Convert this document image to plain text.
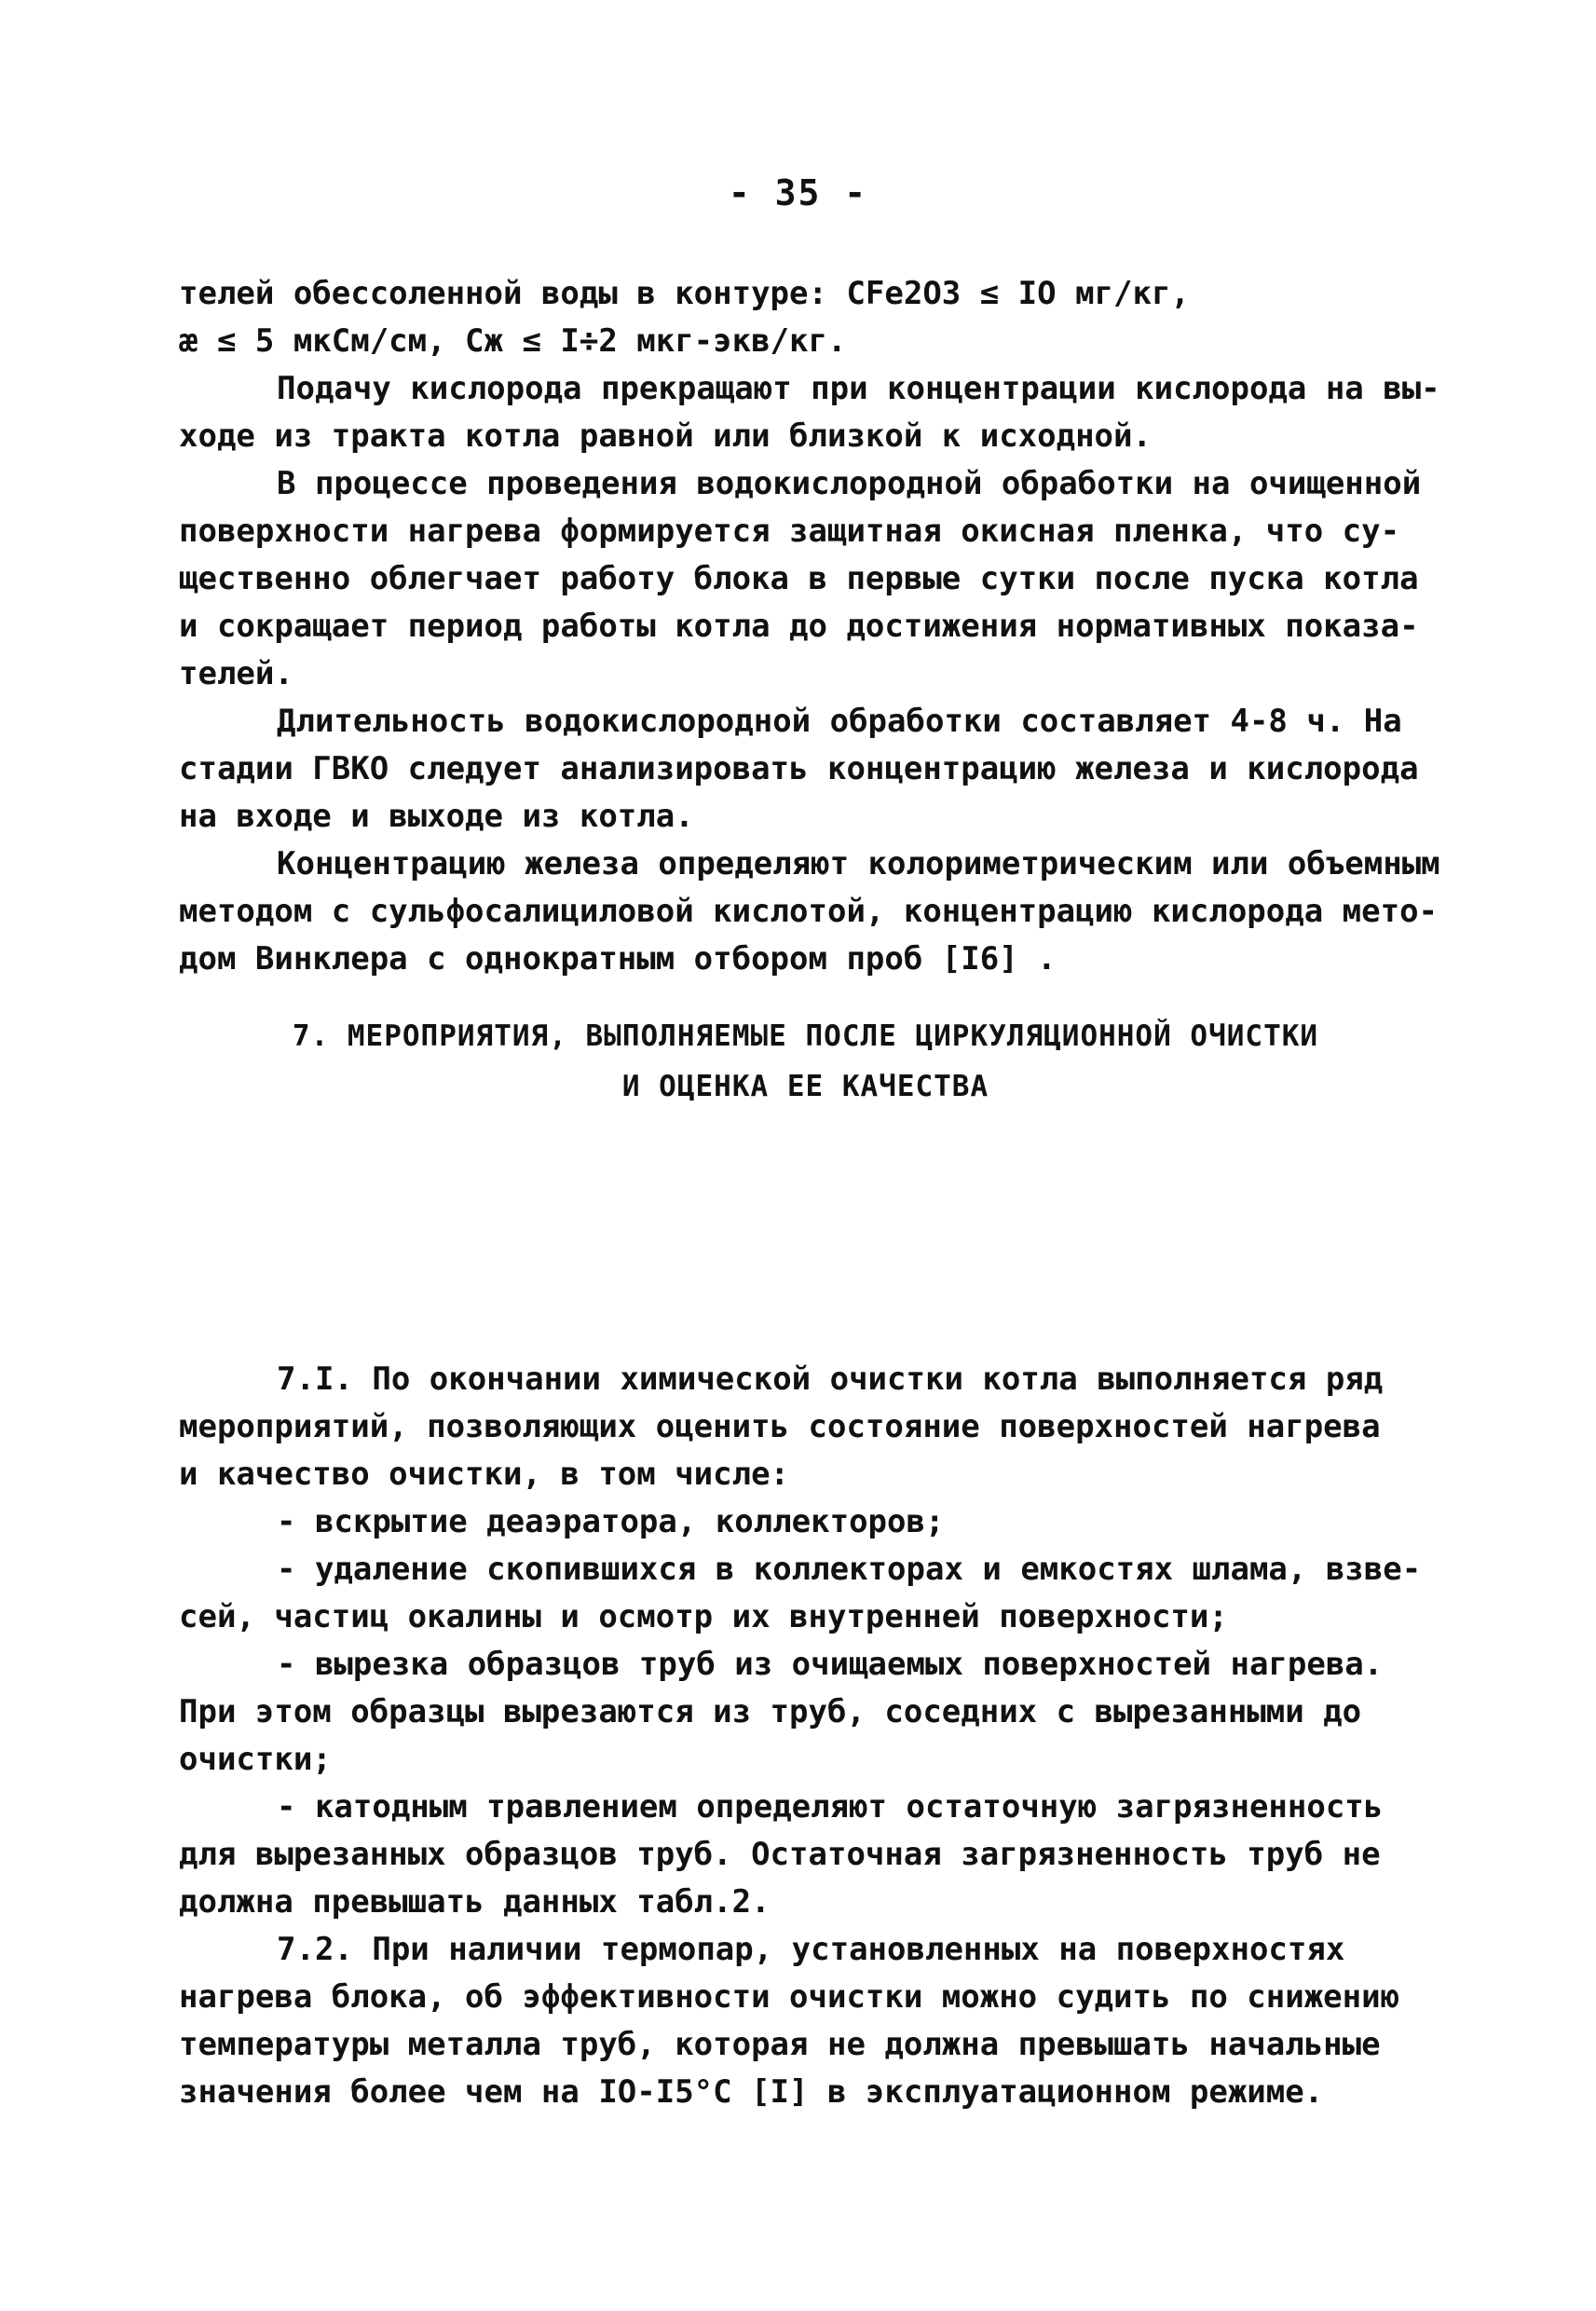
- 35 -
телей обессоленной воды в контуре: CFe2O3 ≤ IO мг/кг,
æ ≤ 5 мкСм/см, Cж ≤ I÷2 мкг-экв/кг.
Подачу кислорода прекращают при концентрации кислорода на вы-
ходе из тракта котла равной или близкой к исходной.
В процессе проведения водокислородной обработки на очищенной
поверхности нагрева формируется защитная окисная пленка, что су-
щественно облегчает работу блока в первые сутки после пуска котла
и сокращает период работы котла до достижения нормативных показа-
телей.
Длительность водокислородной обработки составляет 4-8 ч. На
стадии ГВКО следует анализировать концентрацию железа и кислорода
на входе и выходе из котла.
Концентрацию железа определяют колориметрическим или объемным
методом с сульфосалициловой кислотой, концентрацию кислорода мето-
дом Винклера с однократным отбором проб [I6] .
7. МЕРОПРИЯТИЯ, ВЫПОЛНЯЕМЫЕ ПОСЛЕ ЦИРКУЛЯЦИОННОЙ ОЧИСТКИ
И ОЦЕНКА ЕЕ КАЧЕСТВА
7.I. По окончании химической очистки котла выполняется ряд
мероприятий, позволяющих оценить состояние поверхностей нагрева
и качество очистки, в том числе:
- вскрытие деаэратора, коллекторов;
- удаление скопившихся в коллекторах и емкостях шлама, взве-
сей, частиц окалины и осмотр их внутренней поверхности;
- вырезка образцов труб из очищаемых поверхностей нагрева.
При этом образцы вырезаются из труб, соседних с вырезанными до
очистки;
- катодным травлением определяют остаточную загрязненность
для вырезанных образцов труб. Остаточная загрязненность труб не
должна превышать данных табл.2.
7.2. При наличии термопар, установленных на поверхностях
нагрева блока, об эффективности очистки можно судить по снижению
температуры металла труб, которая не должна превышать начальные
значения более чем на IO-I5°C [I] в эксплуатационном режиме.
